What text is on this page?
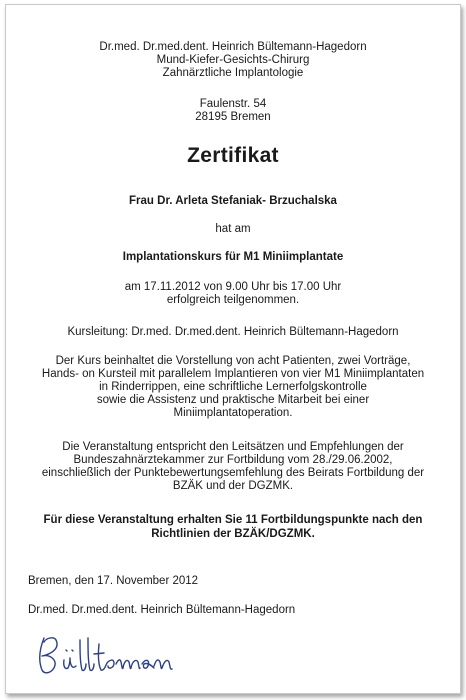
Dr.med. Dr.med.dent. Heinrich Bültemann-Hagedorn

Mund-Kiefer-Gesichts-Chirurg

Zahnärztliche Implantologie

Faulenstr. 54

28195 Bremen

Zertifikat
Frau Dr. Arleta Stefaniak- Brzuchalska
hat am
Implantationskurs für M1 Miniimplantate

am 17.11.2012 von 9.00 Uhr bis 17.00 Uhr

erfolgreich teilgenommen.

Kursleitung: Dr.med. Dr.med.dent. Heinrich Bültemann-Hagedorn

Der Kurs beinhaltet die Vorstellung von acht Patienten, zwei Vorträge,

Hands- on Kursteil mit parallelem Implantieren von vier M1 Miniimplantaten

in Rinderrippen, eine schriftliche Lernerfolgskontrolle

sowie die Assistenz und praktische Mitarbeit bei einer

Miniimplantatoperation.

Die Veranstaltung entspricht den Leitsätzen und Empfehlungen der

Bundeszahnärztekammer zur Fortbildung vom 28./29.06.2002,

einschließlich der Punktebewertungsemfehlung des Beirats Fortbildung der

BZÄK und der DGZMK.

Für diese Veranstaltung erhalten Sie 11 Fortbildungspunkte nach den

Richtlinien der BZÄK/DGZMK.

Bremen, den 17. November 2012
Dr.med. Dr.med.dent. Heinrich Bültemann-Hagedorn
